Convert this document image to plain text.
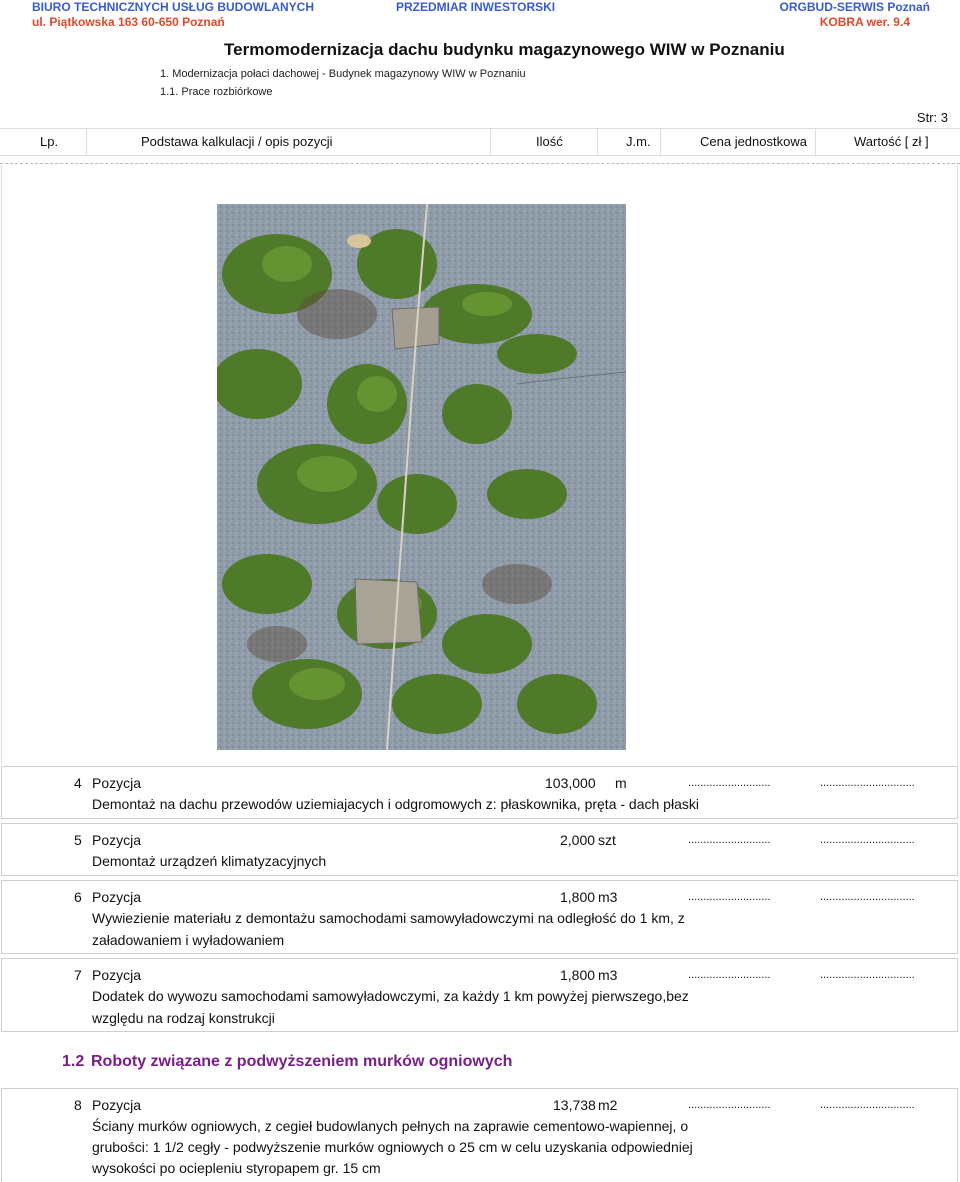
BIURO TECHNICZNYCH USŁUG BUDOWLANYCH
ul. Piątkowska 163 60-650 Poznań
PRZEDMIAR INWESTORSKI	ORGBUD-SERWIS Poznań
KOBRA wer. 9.4
Termomodernizacja dachu budynku magazynowego WIW w Poznaniu
1. Modernizacja połaci dachowej - Budynek magazynowy WIW w Poznaniu
1.1. Prace rozbiórkowe
Str: 3
Lp.	Podstawa kalkulacji / opis pozycji	Ilość	J.m.	Cena jednostkowa	Wartość [ zł ]
4 Pozycja	103,000 m	...........................	...............................
Demontaż na dachu przewodów uziemiajacych i odgromowych z: płaskownika, pręta - dach płaski
5 Pozycja	2,000 szt	...........................	...............................
Demontaż urządzeń klimatyzacyjnych
6 Pozycja	1,800 m3	...........................	...............................
Wywiezienie materiału z demontażu samochodami samowyładowczymi na odległość do 1 km, z
załadowaniem i wyładowaniem
7 Pozycja	1,800 m3	...........................	...............................
Dodatek do wywozu samochodami samowyładowczymi, za każdy 1 km powyżej pierwszego,bez
względu na rodzaj konstrukcji
1.2 Roboty związane z podwyższeniem murków ogniowych
8 Pozycja	13,738 m2	...........................	...............................
Ściany murków ogniowych, z cegieł budowlanych pełnych na zaprawie cementowo-wapiennej, o
grubości: 1 1/2 cegły - podwyższenie murków ogniowych o 25 cm w celu uzyskania odpowiedniej
wysokości po ociepleniu styropapem gr. 15 cm
